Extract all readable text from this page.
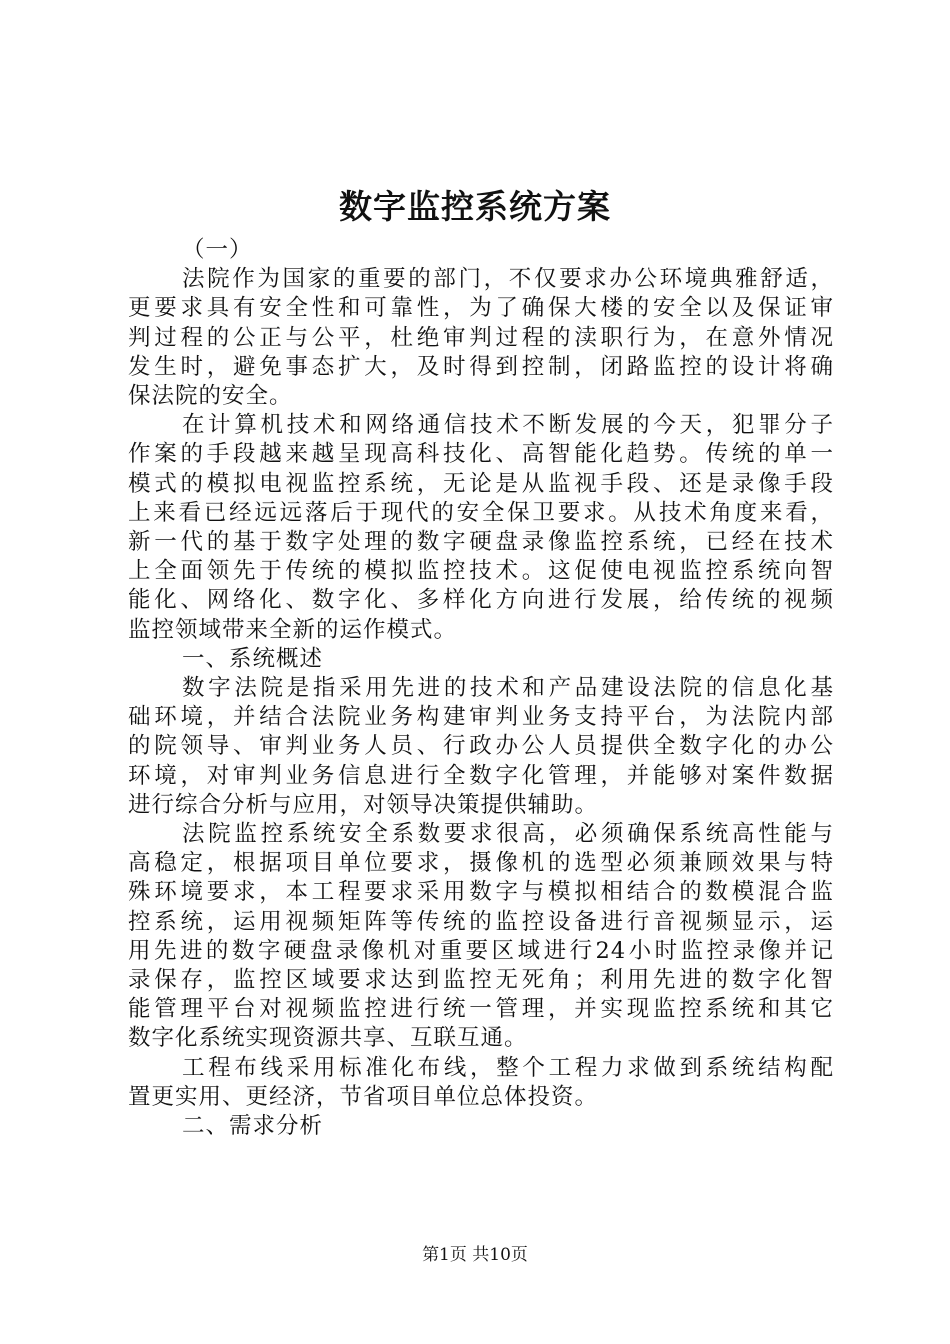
数字监控系统方案
（一）
法院作为国家的重要的部门，不仅要求办公环境典雅舒适，
更要求具有安全性和可靠性，为了确保大楼的安全以及保证审
判过程的公正与公平，杜绝审判过程的渎职行为，在意外情况
发生时，避免事态扩大，及时得到控制，闭路监控的设计将确
保法院的安全。
在计算机技术和网络通信技术不断发展的今天，犯罪分子
作案的手段越来越呈现高科技化、高智能化趋势。传统的单一
模式的模拟电视监控系统，无论是从监视手段、还是录像手段
上来看已经远远落后于现代的安全保卫要求。从技术角度来看，
新一代的基于数字处理的数字硬盘录像监控系统，已经在技术
上全面领先于传统的模拟监控技术。这促使电视监控系统向智
能化、网络化、数字化、多样化方向进行发展，给传统的视频
监控领域带来全新的运作模式。
一、系统概述
数字法院是指采用先进的技术和产品建设法院的信息化基
础环境，并结合法院业务构建审判业务支持平台，为法院内部
的院领导、审判业务人员、行政办公人员提供全数字化的办公
环境，对审判业务信息进行全数字化管理，并能够对案件数据
进行综合分析与应用，对领导决策提供辅助。
法院监控系统安全系数要求很高，必须确保系统高性能与
高稳定，根据项目单位要求，摄像机的选型必须兼顾效果与特
殊环境要求，本工程要求采用数字与模拟相结合的数模混合监
控系统，运用视频矩阵等传统的监控设备进行音视频显示，运
用先进的数字硬盘录像机对重要区域进行24小时监控录像并记
录保存，监控区域要求达到监控无死角；利用先进的数字化智
能管理平台对视频监控进行统一管理，并实现监控系统和其它
数字化系统实现资源共享、互联互通。
工程布线采用标准化布线，整个工程力求做到系统结构配
置更实用、更经济，节省项目单位总体投资。
二、需求分析
第1页 共10页
